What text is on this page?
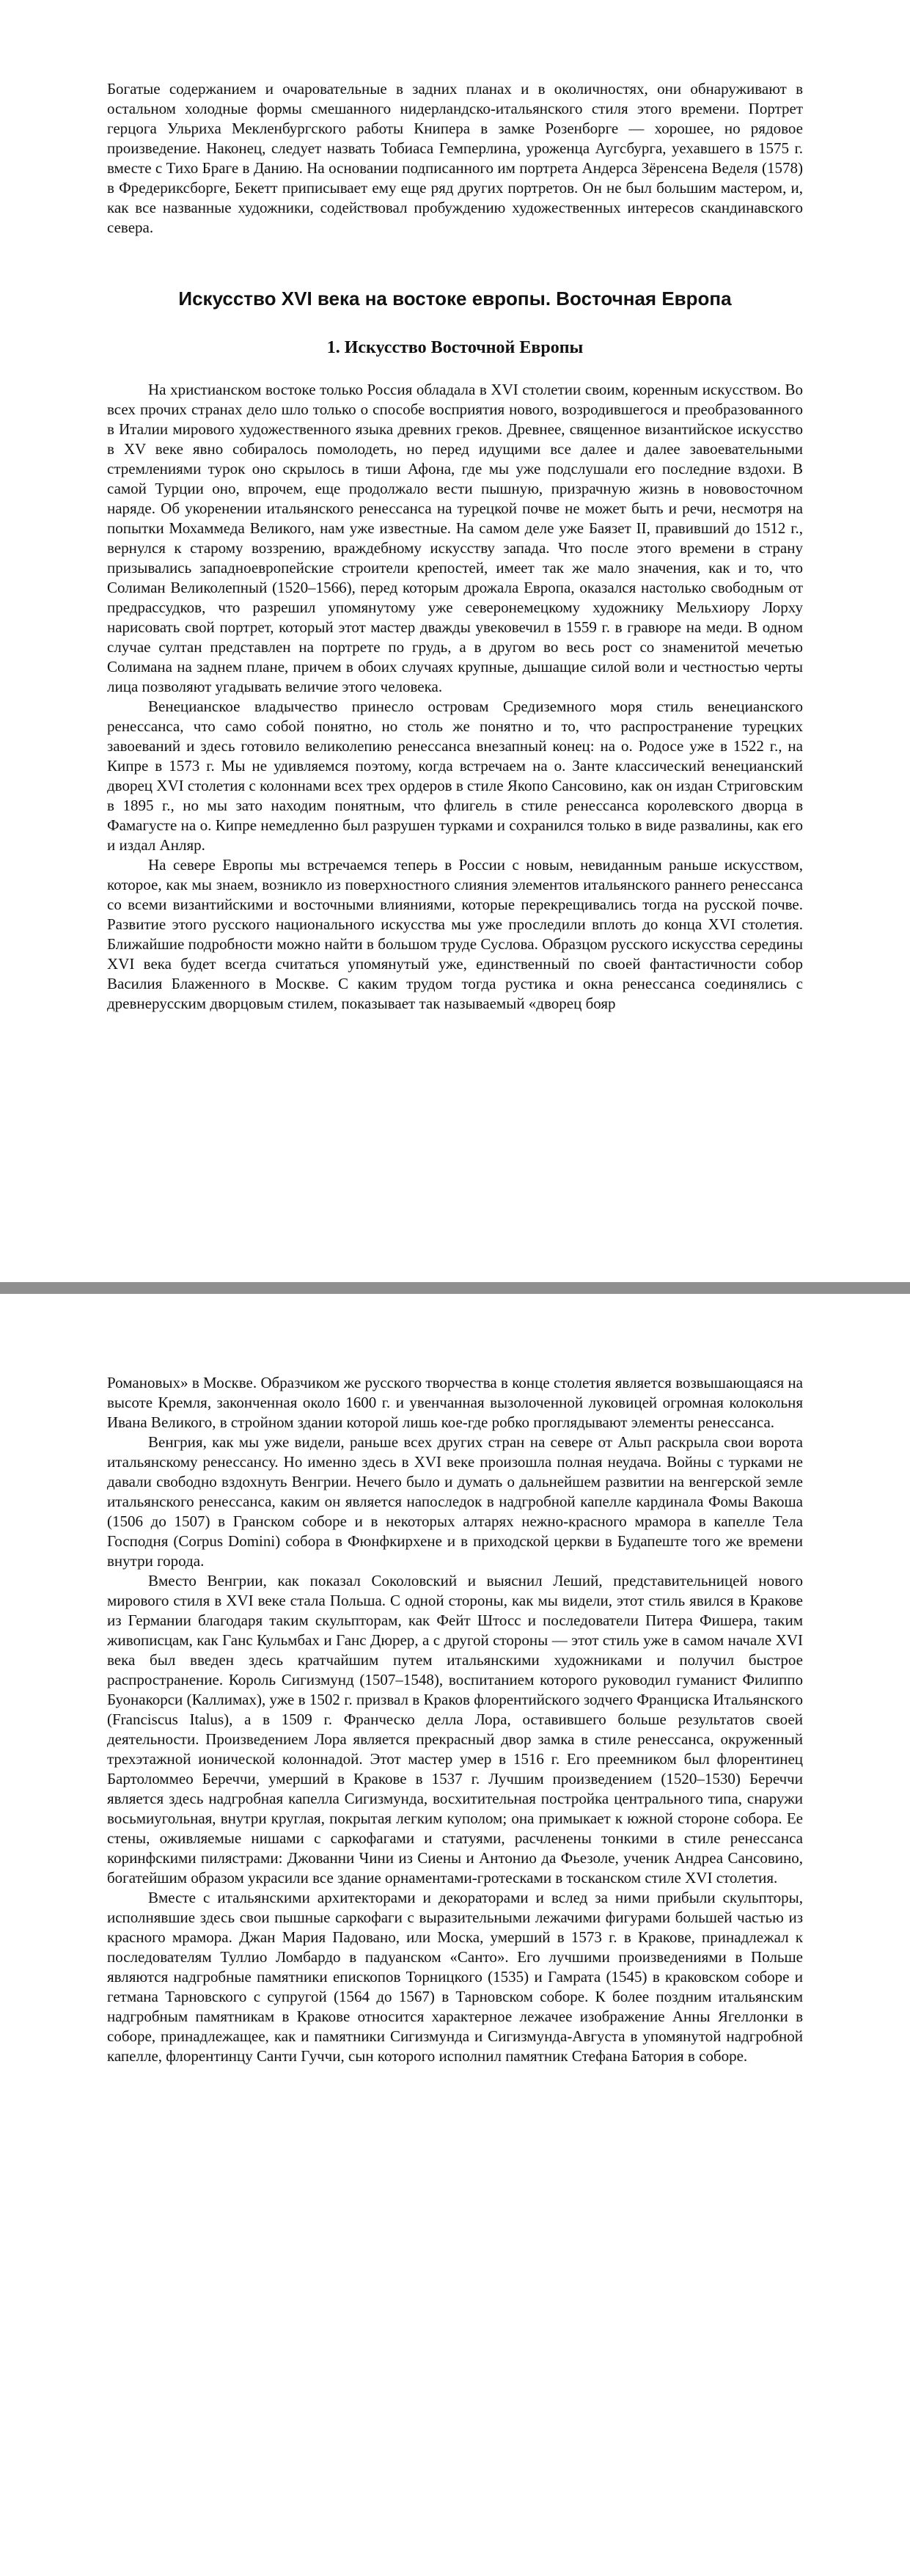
Богатые содержанием и очаровательные в задних планах и в околичностях, они обнаруживают в остальном холодные формы смешанного нидерландско-итальянского стиля этого времени. Портрет герцога Ульриха Мекленбургского работы Книпера в замке Розенборге — хорошее, но рядовое произведение. Наконец, следует назвать Тобиаса Гемперлина, уроженца Аугсбурга, уехавшего в 1575 г. вместе с Тихо Браге в Данию. На основании подписанного им портрета Андерса Зёренсена Веделя (1578) в Фредериксборге, Бекетт приписывает ему еще ряд других портретов. Он не был большим мастером, и, как все названные художники, содействовал пробуждению художественных интересов скандинавского севера.

Искусство XVI века на востоке европы. Восточная Европа
1. Искусство Восточной Европы

На христианском востоке только Россия обладала в XVI столетии своим, коренным искусством. Во всех прочих странах дело шло только о способе восприятия нового, возродившегося и преобразованного в Италии мирового художественного языка древних греков. Древнее, священное византийское искусство в XV веке явно собиралось помолодеть, но перед идущими все далее и далее завоевательными стремлениями турок оно скрылось в тиши Афона, где мы уже подслушали его последние вздохи. В самой Турции оно, впрочем, еще продолжало вести пышную, призрачную жизнь в нововосточном наряде. Об укоренении итальянского ренессанса на турецкой почве не может быть и речи, несмотря на попытки Мохаммеда Великого, нам уже известные. На самом деле уже Баязет II, правивший до 1512 г., вернулся к старому воззрению, враждебному искусству запада. Что после этого времени в страну призывались западноевропейские строители крепостей, имеет так же мало значения, как и то, что Солиман Великолепный (1520–1566), перед которым дрожала Европа, оказался настолько свободным от предрассудков, что разрешил упомянутому уже северонемецкому художнику Мельхиору Лорху нарисовать свой портрет, который этот мастер дважды увековечил в 1559 г. в гравюре на меди. В одном случае султан представлен на портрете по грудь, а в другом во весь рост со знаменитой мечетью Солимана на заднем плане, причем в обоих случаях крупные, дышащие силой воли и честностью черты лица позволяют угадывать величие этого человека.

Венецианское владычество принесло островам Средиземного моря стиль венецианского ренессанса, что само собой понятно, но столь же понятно и то, что распространение турецких завоеваний и здесь готовило великолепию ренессанса внезапный конец: на о. Родосе уже в 1522 г., на Кипре в 1573 г. Мы не удивляемся поэтому, когда встречаем на о. Занте классический венецианский дворец XVI столетия с колоннами всех трех ордеров в стиле Якопо Сансовино, как он издан Стриговским в 1895 г., но мы зато находим понятным, что флигель в стиле ренессанса королевского дворца в Фамагусте на о. Кипре немедленно был разрушен турками и сохранился только в виде развалины, как его и издал Анляр.

На севере Европы мы встречаемся теперь в России с новым, невиданным раньше искусством, которое, как мы знаем, возникло из поверхностного слияния элементов итальянского раннего ренессанса со всеми византийскими и восточными влияниями, которые перекрещивались тогда на русской почве. Развитие этого русского национального искусства мы уже проследили вплоть до конца XVI столетия. Ближайшие подробности можно найти в большом труде Суслова. Образцом русского искусства середины XVI века будет всегда считаться упомянутый уже, единственный по своей фантастичности собор Василия Блаженного в Москве. С каким трудом тогда рустика и окна ренессанса соединялись с древнерусским дворцовым стилем, показывает так называемый «дворец бояр

Романовых» в Москве. Образчиком же русского творчества в конце столетия является возвышающаяся на высоте Кремля, законченная около 1600 г. и увенчанная вызолоченной луковицей огромная колокольня Ивана Великого, в стройном здании которой лишь кое-где робко проглядывают элементы ренессанса.

Венгрия, как мы уже видели, раньше всех других стран на севере от Альп раскрыла свои ворота итальянскому ренессансу. Но именно здесь в XVI веке произошла полная неудача. Войны с турками не давали свободно вздохнуть Венгрии. Нечего было и думать о дальнейшем развитии на венгерской земле итальянского ренессанса, каким он является напоследок в надгробной капелле кардинала Фомы Вакоша (1506 до 1507) в Гранском соборе и в некоторых алтарях нежно-красного мрамора в капелле Тела Господня (Corpus Domini) собора в Фюнфкирхене и в приходской церкви в Будапеште того же времени внутри города.

Вместо Венгрии, как показал Соколовский и выяснил Леший, представительницей нового мирового стиля в XVI веке стала Польша. С одной стороны, как мы видели, этот стиль явился в Кракове из Германии благодаря таким скульпторам, как Фейт Штосс и последователи Питера Фишера, таким живописцам, как Ганс Кульмбах и Ганс Дюрер, а с другой стороны — этот стиль уже в самом начале XVI века был введен здесь кратчайшим путем итальянскими художниками и получил быстрое распространение. Король Сигизмунд (1507–1548), воспитанием которого руководил гуманист Филиппо Буонакорси (Каллимах), уже в 1502 г. призвал в Краков флорентийского зодчего Франциска Итальянского (Franciscus Italus), а в 1509 г. Франческо делла Лора, оставившего больше результатов своей деятельности. Произведением Лора является прекрасный двор замка в стиле ренессанса, окруженный трехэтажной ионической колоннадой. Этот мастер умер в 1516 г. Его преемником был флорентинец Бартоломмео Береччи, умерший в Кракове в 1537 г. Лучшим произведением (1520–1530) Береччи является здесь надгробная капелла Сигизмунда, восхитительная постройка центрального типа, снаружи восьмиугольная, внутри круглая, покрытая легким куполом; она примыкает к южной стороне собора. Ее стены, оживляемые нишами с саркофагами и статуями, расчленены тонкими в стиле ренессанса коринфскими пилястрами: Джованни Чини из Сиены и Антонио да Фьезоле, ученик Андреа Сансовино, богатейшим образом украсили все здание орнаментами-гротесками в тосканском стиле XVI столетия.

Вместе с итальянскими архитекторами и декораторами и вслед за ними прибыли скульпторы, исполнявшие здесь свои пышные саркофаги с выразительными лежачими фигурами большей частью из красного мрамора. Джан Мария Падовано, или Моска, умерший в 1573 г. в Кракове, принадлежал к последователям Туллио Ломбардо в падуанском «Санто». Его лучшими произведениями в Польше являются надгробные памятники епископов Торницкого (1535) и Гамрата (1545) в краковском соборе и гетмана Тарновского с супругой (1564 до 1567) в Тарновском соборе. К более поздним итальянским надгробным памятникам в Кракове относится характерное лежачее изображение Анны Ягеллонки в соборе, принадлежащее, как и памятники Сигизмунда и Сигизмунда-Августа в упомянутой надгробной капелле, флорентинцу Санти Гуччи, сын которого исполнил памятник Стефана Батория в соборе.
